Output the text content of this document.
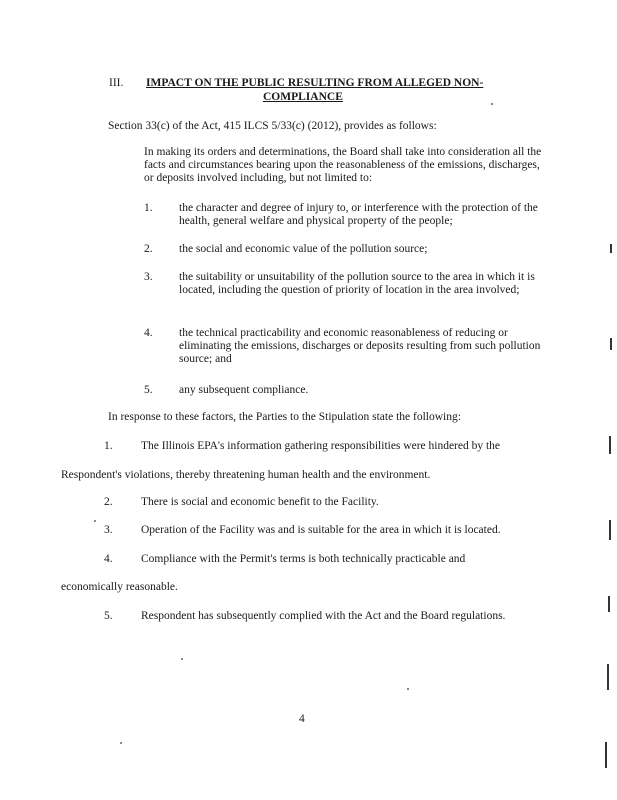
III. IMPACT ON THE PUBLIC RESULTING FROM ALLEGED NON-
COMPLIANCE
Section 33(c) of the Act, 415 ILCS 5/33(c) (2012), provides as follows:
In making its orders and determinations, the Board shall take into consideration all the facts and circumstances bearing upon the reasonableness of the emissions, discharges, or deposits involved including, but not limited to:
1. the character and degree of injury to, or interference with the protection of the health, general welfare and physical property of the people;
2. the social and economic value of the pollution source;
3. the suitability or unsuitability of the pollution source to the area in which it is located, including the question of priority of location in the area involved;
4. the technical practicability and economic reasonableness of reducing or eliminating the emissions, discharges or deposits resulting from such pollution source; and
5. any subsequent compliance.
In response to these factors, the Parties to the Stipulation state the following:
1. The Illinois EPA's information gathering responsibilities were hindered by the
Respondent's violations, thereby threatening human health and the environment.
2. There is social and economic benefit to the Facility.
3. Operation of the Facility was and is suitable for the area in which it is located.
4. Compliance with the Permit's terms is both technically practicable and
economically reasonable.
5. Respondent has subsequently complied with the Act and the Board regulations.
4
